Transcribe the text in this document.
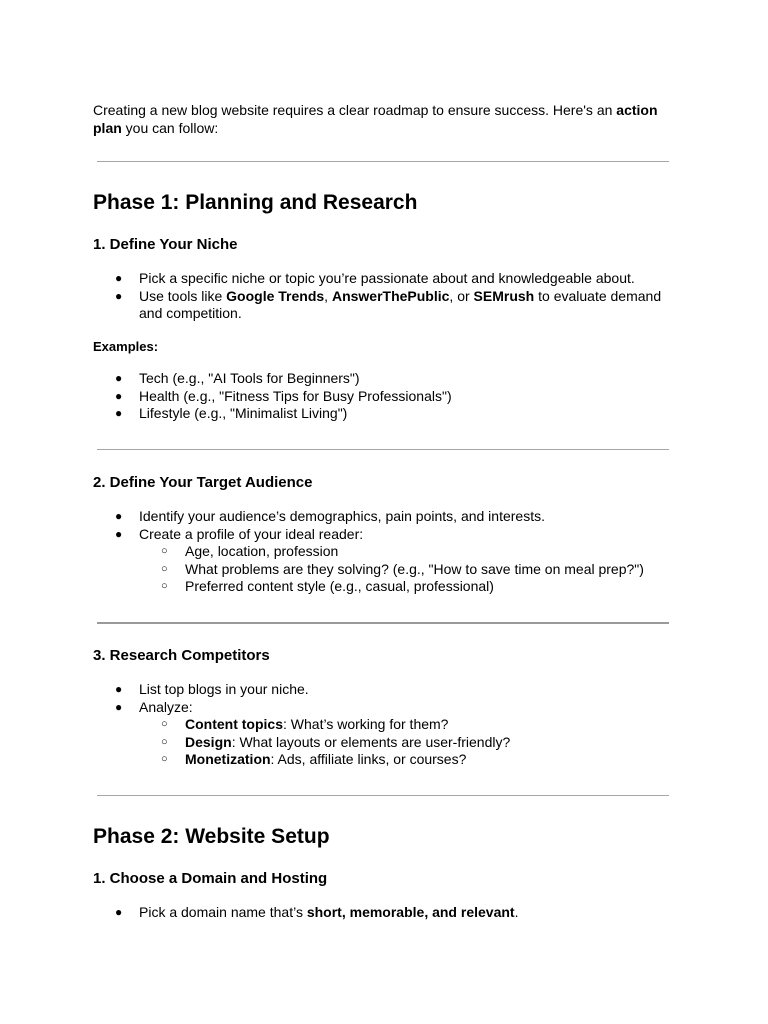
Creating a new blog website requires a clear roadmap to ensure success. Here's an action plan you can follow:
Phase 1: Planning and Research
1. Define Your Niche
● Pick a specific niche or topic you’re passionate about and knowledgeable about.
● Use tools like Google Trends, AnswerThePublic, or SEMrush to evaluate demand and competition.

Examples:

● Tech (e.g., "AI Tools for Beginners")
● Health (e.g., "Fitness Tips for Busy Professionals")
● Lifestyle (e.g., "Minimalist Living")
2. Define Your Target Audience
● Identify your audience’s demographics, pain points, and interests.
● Create a profile of your ideal reader:
○ Age, location, profession
○ What problems are they solving? (e.g., "How to save time on meal prep?")
○ Preferred content style (e.g., casual, professional)
3. Research Competitors
● List top blogs in your niche.
● Analyze:
○ Content topics: What’s working for them?
○ Design: What layouts or elements are user-friendly?
○ Monetization: Ads, affiliate links, or courses?
Phase 2: Website Setup
1. Choose a Domain and Hosting
● Pick a domain name that’s short, memorable, and relevant.
